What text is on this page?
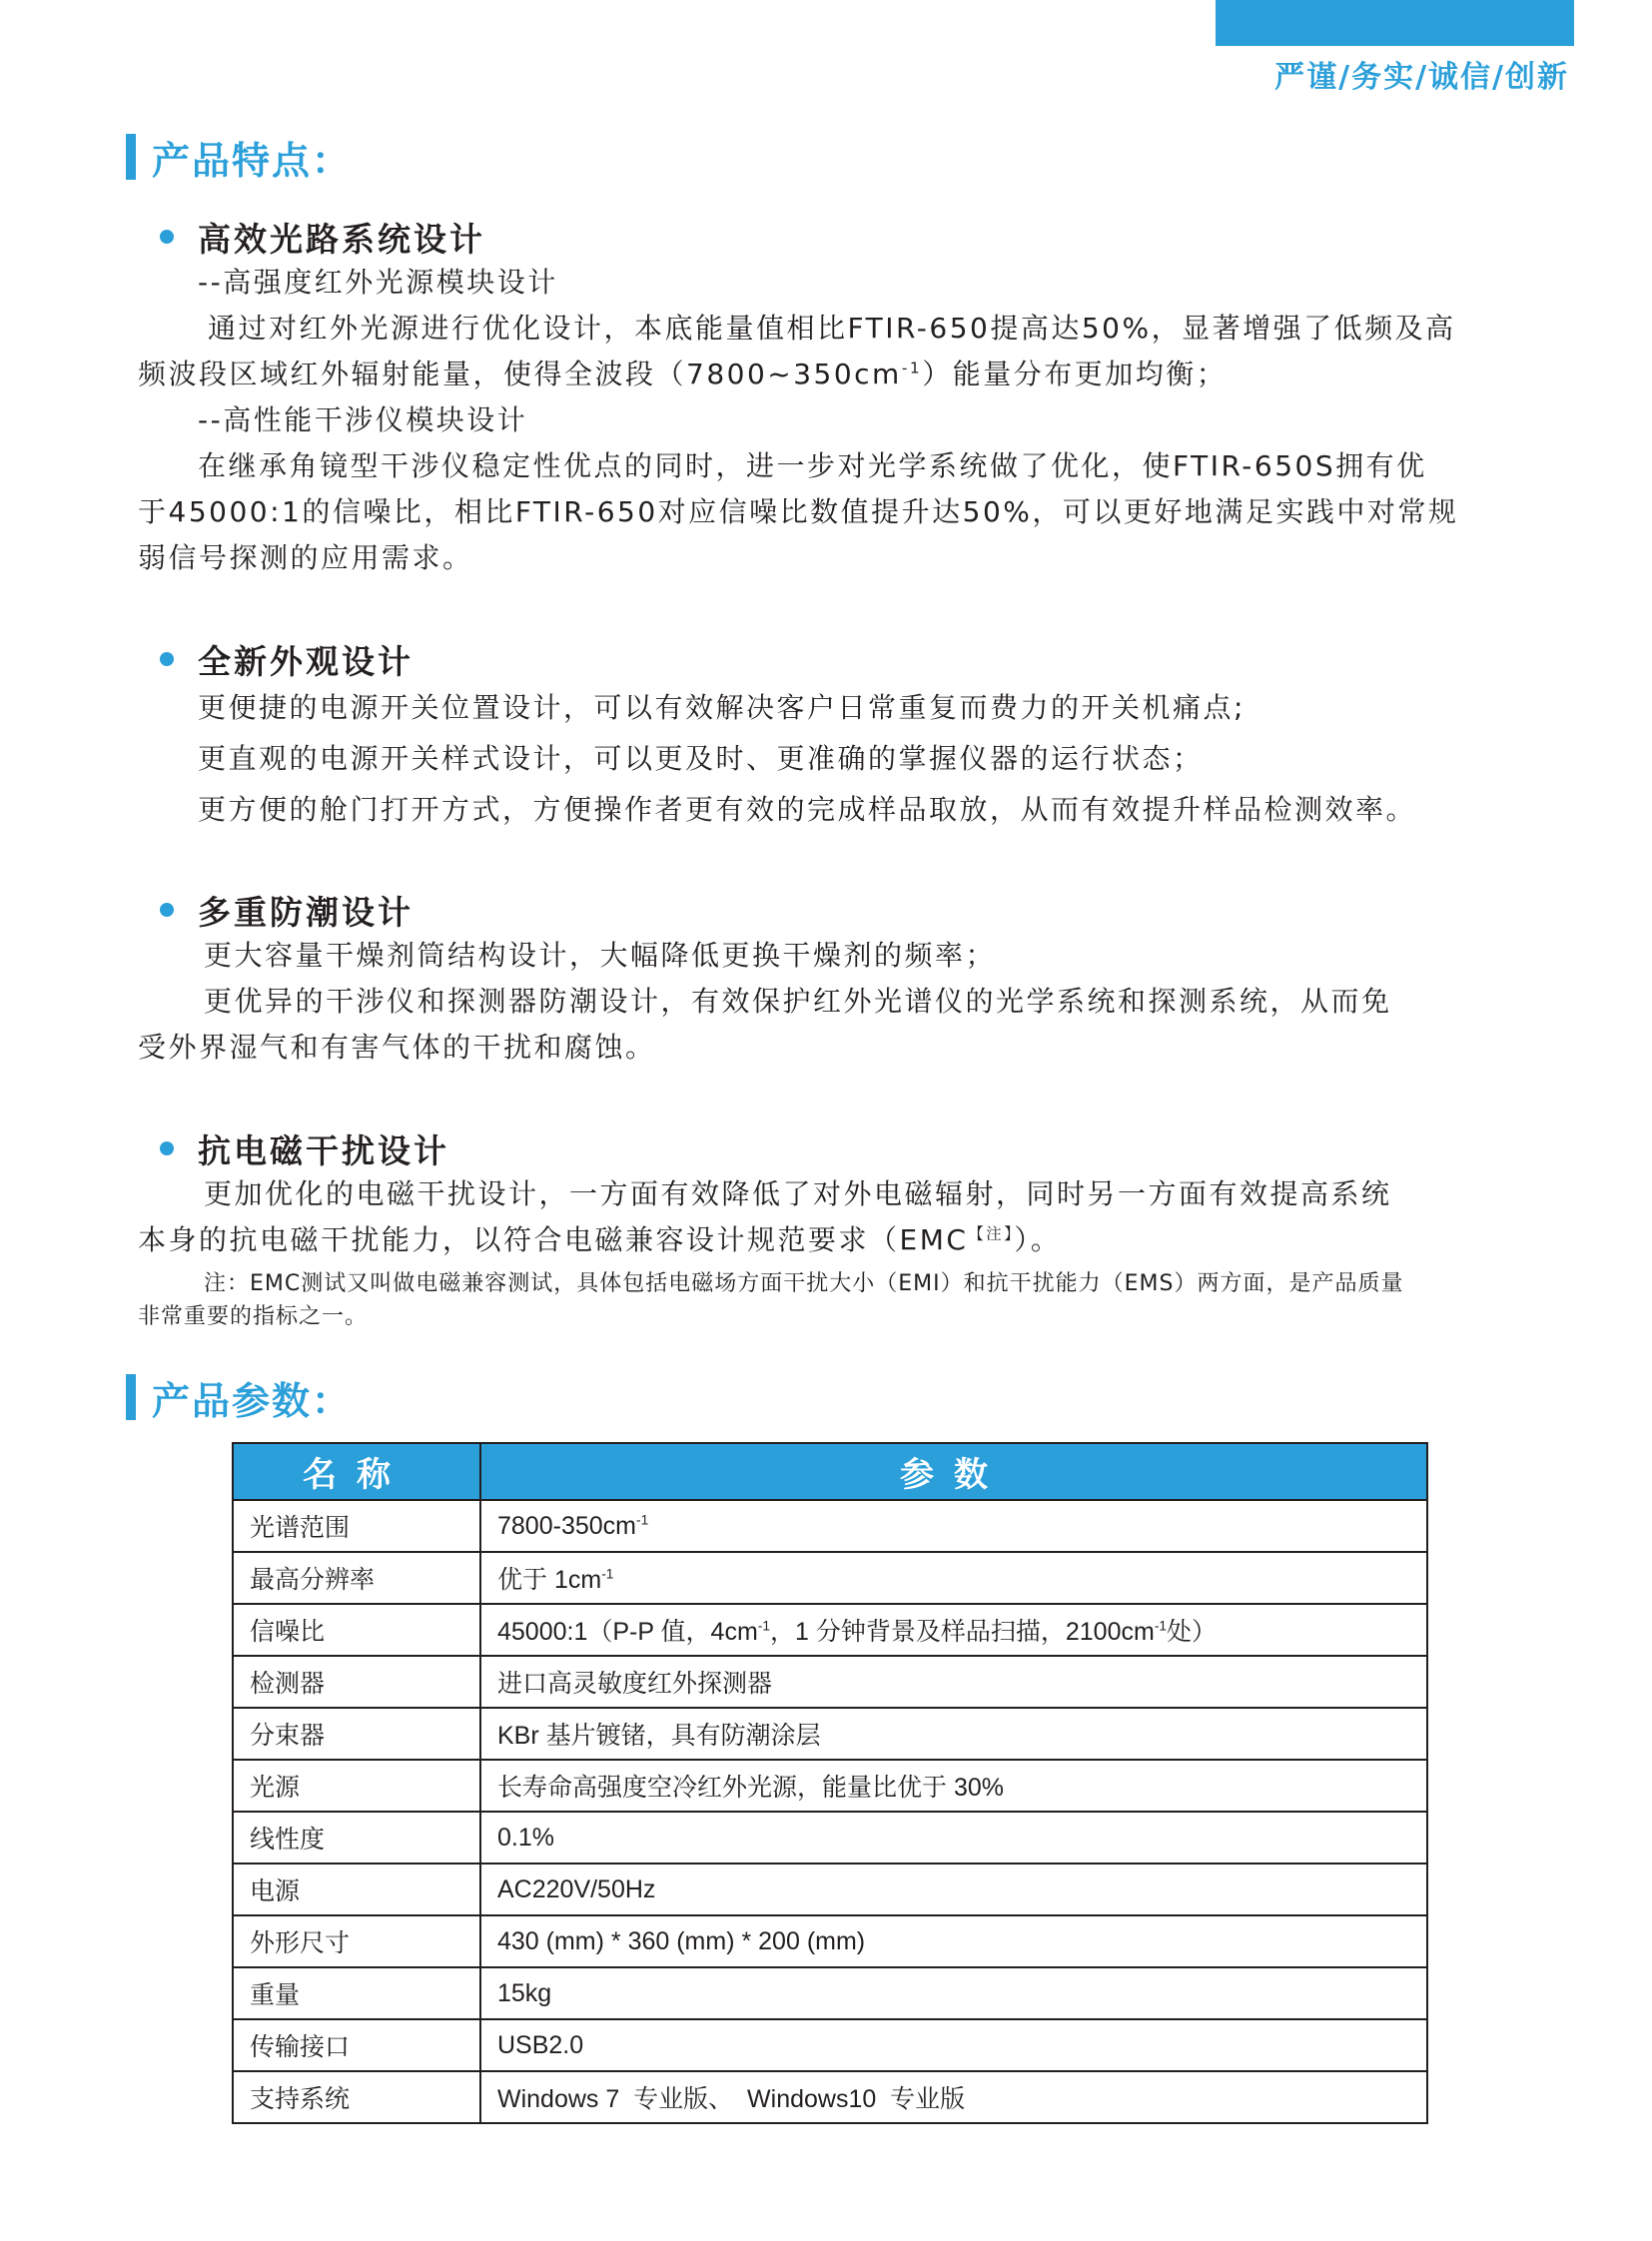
严谨/务实/诚信/创新
产品特点：
高效光路系统设计
--高强度红外光源模块设计
通过对红外光源进行优化设计，本底能量值相比FTIR-650提高达50%，显著增强了低频及高
频波段区域红外辐射能量，使得全波段$(7800\sim 350cm^{-1})$能量分布更加均衡；
--高性能干涉仪模块设计
在继承角镜型干涉仪稳定性优点的同时，进一步对光学系统做了优化，使FTIR-650S拥有优
于45000:1的信噪比，相比FTIR-650对应信噪比数值提升达50%，可以更好地满足实践中对常规
弱信号探测的应用需求。
全新外观设计
更便捷的电源开关位置设计，可以有效解决客户日常重复而费力的开关机痛点;
更直观的电源开关样式设计，可以更及时、更准确的掌握仪器的运行状态；
更方便的舱门打开方式，方便操作者更有效的完成样品取放，从而有效提升样品检测效率。
多重防潮设计
更大容量干燥剂筒结构设计，大幅降低更换干燥剂的频率；
更优异的干涉仪和探测器防潮设计，有效保护红外光谱仪的光学系统和探测系统，从而免
受外界湿气和有害气体的干扰和腐蚀。
抗电磁干扰设计
更加优化的电磁干扰设计，一方面有效降低了对外电磁辐射，同时另一方面有效提高系统
本身的抗电磁干扰能力，以符合电磁兼容设计规范要求$(EMC^{【注】})$。
注：EMC测试又叫做电磁兼容测试，具体包括电磁场方面干扰大小（EMI）和抗干扰能力（EMS）两方面，是产品质量
非常重要的指标之一。
产品参数：
名称	参数
光谱范围	$7800-350cm^{-1}$
最高分辨率	优于 $1cm^{-1}$
信噪比	45000:1（P-P 值，$4cm^{-1}$，1 分钟背景及样品扫描，$2100cm^{-1}$处）
检测器	进口高灵敏度红外探测器
分束器	KBr 基片镀锗，具有防潮涂层
光源	长寿命高强度空冷红外光源，能量比优于 30%
线性度	0.1%
电源	AC220V/50Hz
外形尺寸	430 (mm) * 360 (mm) * 200 (mm)
重量	15kg
传输接口	USB2.0
支持系统	Windows 7  专业版、  Windows10  专业版
